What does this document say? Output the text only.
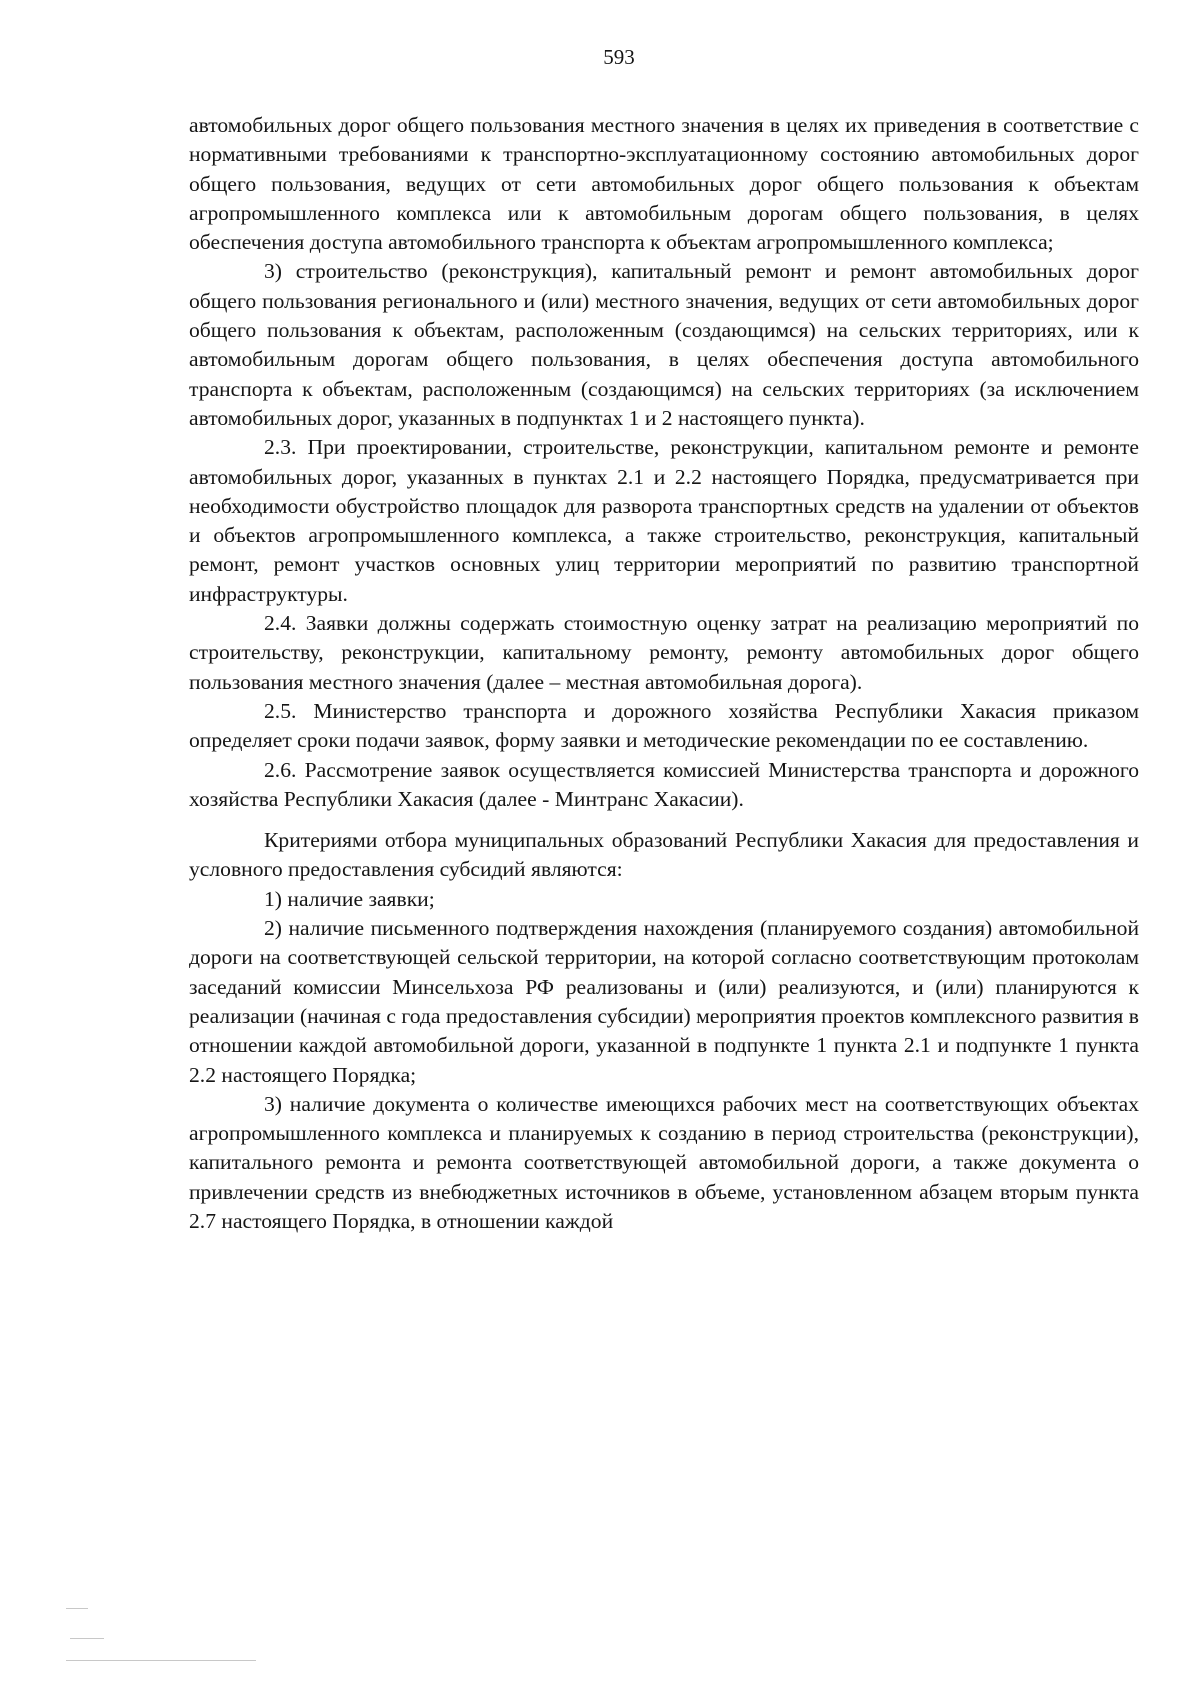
593

автомобильных дорог общего пользования местного значения в целях их приведения в соответствие с нормативными требованиями к транспортно-эксплуатационному состоянию автомобильных дорог общего пользования, ведущих от сети автомобильных дорог общего пользования к объектам агропромышленного комплекса или к автомобильным дорогам общего пользования, в целях обеспечения доступа автомобильного транспорта к объектам агропромышленного комплекса;

3) строительство (реконструкция), капитальный ремонт и ремонт автомобильных дорог общего пользования регионального и (или) местного значения, ведущих от сети автомобильных дорог общего пользования к объектам, расположенным (создающимся) на сельских территориях, или к автомобильным дорогам общего пользования, в целях обеспечения доступа автомобильного транспорта к объектам, расположенным (создающимся) на сельских территориях (за исключением автомобильных дорог, указанных в подпунктах 1 и 2 настоящего пункта).

2.3. При проектировании, строительстве, реконструкции, капитальном ремонте и ремонте автомобильных дорог, указанных в пунктах 2.1 и 2.2 настоящего Порядка, предусматривается при необходимости обустройство площадок для разворота транспортных средств на удалении от объектов и объектов агропромышленного комплекса, а также строительство, реконструкция, капитальный ремонт, ремонт участков основных улиц территории мероприятий по развитию транспортной инфраструктуры.

2.4. Заявки должны содержать стоимостную оценку затрат на реализацию мероприятий по строительству, реконструкции, капитальному ремонту, ремонту автомобильных дорог общего пользования местного значения (далее – местная автомобильная дорога).

2.5. Министерство транспорта и дорожного хозяйства Республики Хакасия приказом определяет сроки подачи заявок, форму заявки и методические рекомендации по ее составлению.

2.6. Рассмотрение заявок осуществляется комиссией Министерства транспорта и дорожного хозяйства Республики Хакасия (далее - Минтранс Хакасии).

Критериями отбора муниципальных образований Республики Хакасия для предоставления и условного предоставления субсидий являются:

1) наличие заявки;

2) наличие письменного подтверждения нахождения (планируемого создания) автомобильной дороги на соответствующей сельской территории, на которой согласно соответствующим протоколам заседаний комиссии Минсельхоза РФ реализованы и (или) реализуются, и (или) планируются к реализации (начиная с года предоставления субсидии) мероприятия проектов комплексного развития в отношении каждой автомобильной дороги, указанной в подпункте 1 пункта 2.1 и подпункте 1 пункта 2.2 настоящего Порядка;

3) наличие документа о количестве имеющихся рабочих мест на соответствующих объектах агропромышленного комплекса и планируемых к созданию в период строительства (реконструкции), капитального ремонта и ремонта соответствующей автомобильной дороги, а также документа о привлечении средств из внебюджетных источников в объеме, установленном абзацем вторым пункта 2.7 настоящего Порядка, в отношении каждой
